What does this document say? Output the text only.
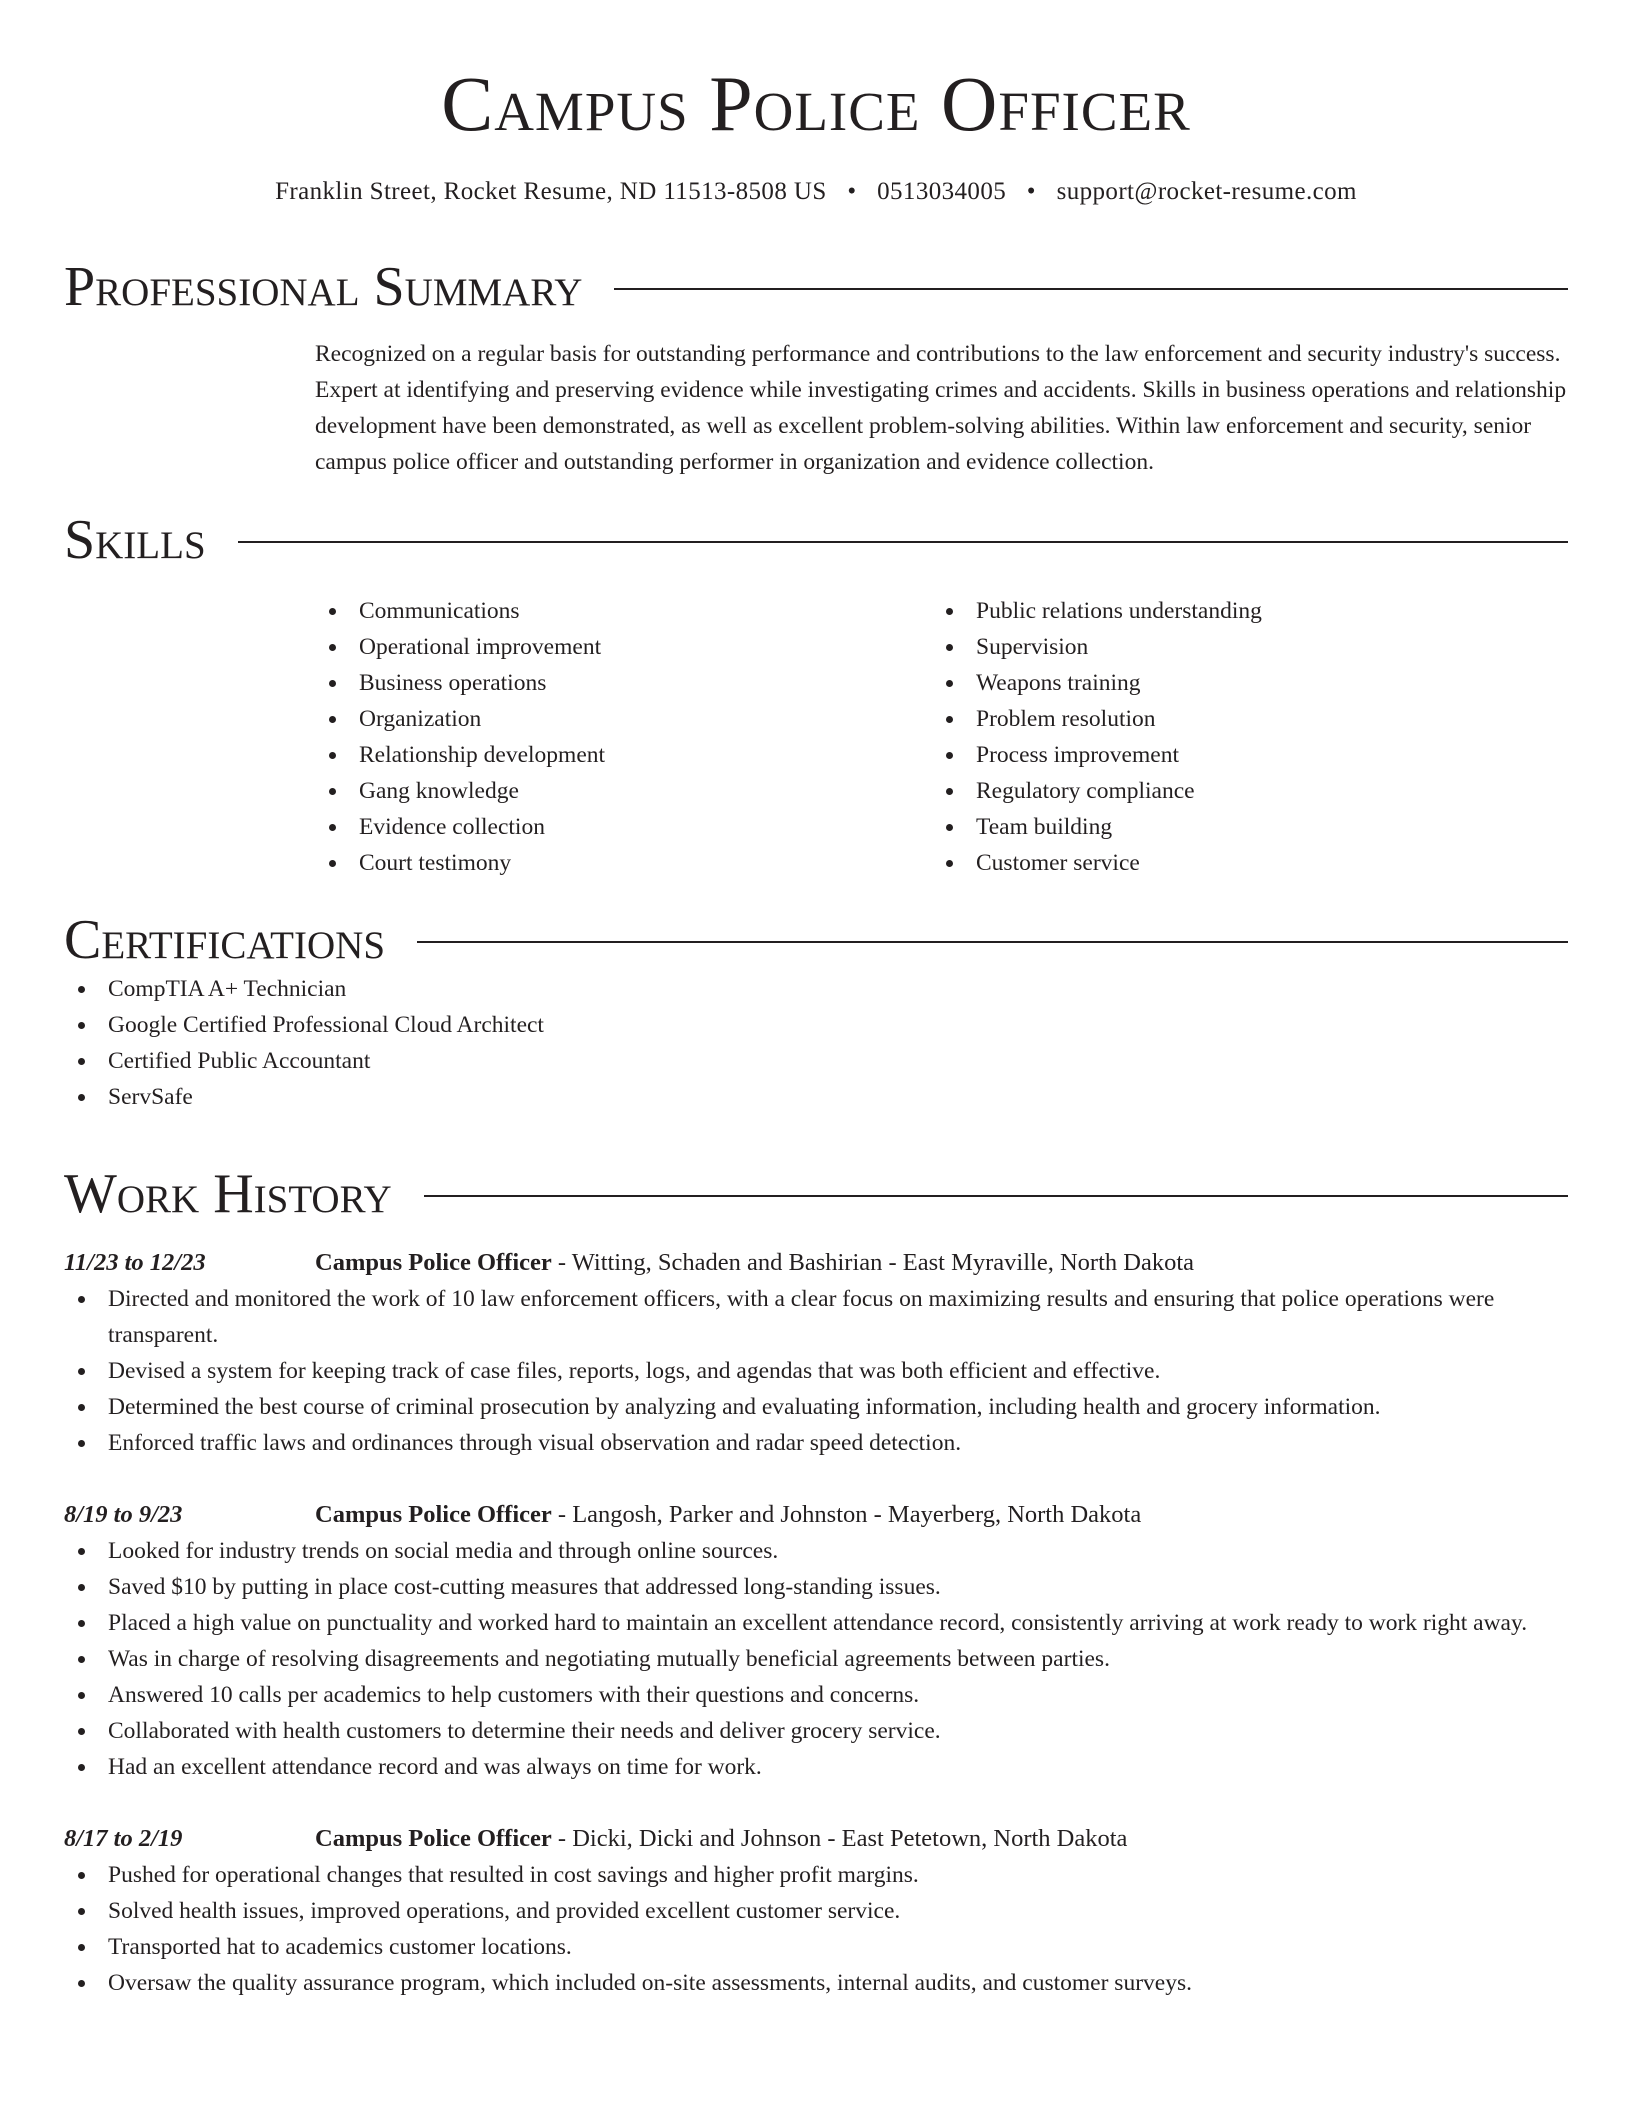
Campus Police Officer
Franklin Street, Rocket Resume, ND 11513-8508 US • 0513034005 • support@rocket-resume.com
Professional Summary
Recognized on a regular basis for outstanding performance and contributions to the law enforcement and security industry's success. Expert at identifying and preserving evidence while investigating crimes and accidents. Skills in business operations and relationship development have been demonstrated, as well as excellent problem-solving abilities. Within law enforcement and security, senior campus police officer and outstanding performer in organization and evidence collection.
Skills
Communications
Operational improvement
Business operations
Organization
Relationship development
Gang knowledge
Evidence collection
Court testimony
Public relations understanding
Supervision
Weapons training
Problem resolution
Process improvement
Regulatory compliance
Team building
Customer service
Certifications
CompTIA A+ Technician
Google Certified Professional Cloud Architect
Certified Public Accountant
ServSafe
Work History
11/23 to 12/23	Campus Police Officer - Witting, Schaden and Bashirian - East Myraville, North Dakota
Directed and monitored the work of 10 law enforcement officers, with a clear focus on maximizing results and ensuring that police operations were transparent.
Devised a system for keeping track of case files, reports, logs, and agendas that was both efficient and effective.
Determined the best course of criminal prosecution by analyzing and evaluating information, including health and grocery information.
Enforced traffic laws and ordinances through visual observation and radar speed detection.
8/19 to 9/23	Campus Police Officer - Langosh, Parker and Johnston - Mayerberg, North Dakota
Looked for industry trends on social media and through online sources.
Saved $10 by putting in place cost-cutting measures that addressed long-standing issues.
Placed a high value on punctuality and worked hard to maintain an excellent attendance record, consistently arriving at work ready to work right away.
Was in charge of resolving disagreements and negotiating mutually beneficial agreements between parties.
Answered 10 calls per academics to help customers with their questions and concerns.
Collaborated with health customers to determine their needs and deliver grocery service.
Had an excellent attendance record and was always on time for work.
8/17 to 2/19	Campus Police Officer - Dicki, Dicki and Johnson - East Petetown, North Dakota
Pushed for operational changes that resulted in cost savings and higher profit margins.
Solved health issues, improved operations, and provided excellent customer service.
Transported hat to academics customer locations.
Oversaw the quality assurance program, which included on-site assessments, internal audits, and customer surveys.
